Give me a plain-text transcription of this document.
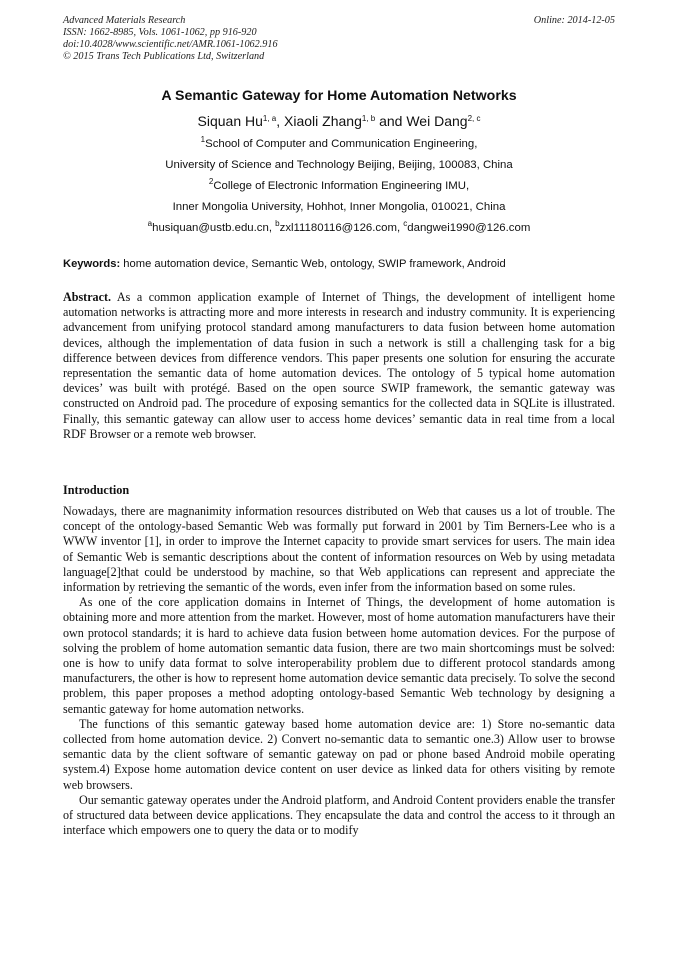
Advanced Materials Research
ISSN: 1662-8985, Vols. 1061-1062, pp 916-920
doi:10.4028/www.scientific.net/AMR.1061-1062.916
© 2015 Trans Tech Publications Ltd, Switzerland
Online: 2014-12-05
A Semantic Gateway for Home Automation Networks
Siquan Hu$^{1, a}$, Xiaoli Zhang$^{1, b}$ and Wei Dang$^{2, c}$
$^1$School of Computer and Communication Engineering,
University of Science and Technology Beijing, Beijing, 100083, China
$^2$College of Electronic Information Engineering IMU,
Inner Mongolia University, Hohhot, Inner Mongolia, 010021, China
$^a$husiquan@ustb.edu.cn, $^b$zxl11180116@126.com, $^c$dangwei1990@126.com
Keywords: home automation device, Semantic Web, ontology, SWIP framework, Android
Abstract. As a common application example of Internet of Things, the development of intelligent home automation networks is attracting more and more interests in research and industry community. It is experiencing advancement from unifying protocol standard among manufacturers to data fusion between home automation devices, although the implementation of data fusion in such a network is still a challenging task for a big difference between devices from difference vendors. This paper presents one solution for ensuring the accurate representation the semantic data of home automation devices. The ontology of 5 typical home automation devices’ was built with protégé. Based on the open source SWIP framework, the semantic gateway was constructed on Android pad. The procedure of exposing semantics for the collected data in SQLite is illustrated. Finally, this semantic gateway can allow user to access home devices’ semantic data in real time from a local RDF Browser or a remote web browser.
Introduction

Nowadays, there are magnanimity information resources distributed on Web that causes us a lot of trouble. The concept of the ontology-based Semantic Web was formally put forward in 2001 by Tim Berners-Lee who is a WWW inventor [1], in order to improve the Internet capacity to provide smart services for users. The main idea of Semantic Web is semantic descriptions about the content of information resources on Web by using metadata language[2]that could be understood by machine, so that Web applications can represent and appreciate the information by retrieving the semantic of the words, even infer from the information based on some rules.

As one of the core application domains in Internet of Things, the development of home automation is obtaining more and more attention from the market. However, most of home automation manufacturers have their own protocol standards; it is hard to achieve data fusion between home automation devices. For the purpose of solving the problem of home automation semantic data fusion, there are two main shortcomings must be solved: one is how to unify data format to solve interoperability problem due to different protocol standards among manufacturers, the other is how to represent home automation device semantic data precisely. To solve the second problem, this paper proposes a method adopting ontology-based Semantic Web technology by designing a semantic gateway for home automation networks.

The functions of this semantic gateway based home automation device are: 1) Store no-semantic data collected from home automation device. 2) Convert no-semantic data to semantic one.3) Allow user to browse semantic data by the client software of semantic gateway on pad or phone based Android mobile operating system.4) Expose home automation device content on user device as linked data for others visiting by remote web browsers.

Our semantic gateway operates under the Android platform, and Android Content providers enable the transfer of structured data between device applications. They encapsulate the data and control the access to it through an interface which empowers one to query the data or to modify
